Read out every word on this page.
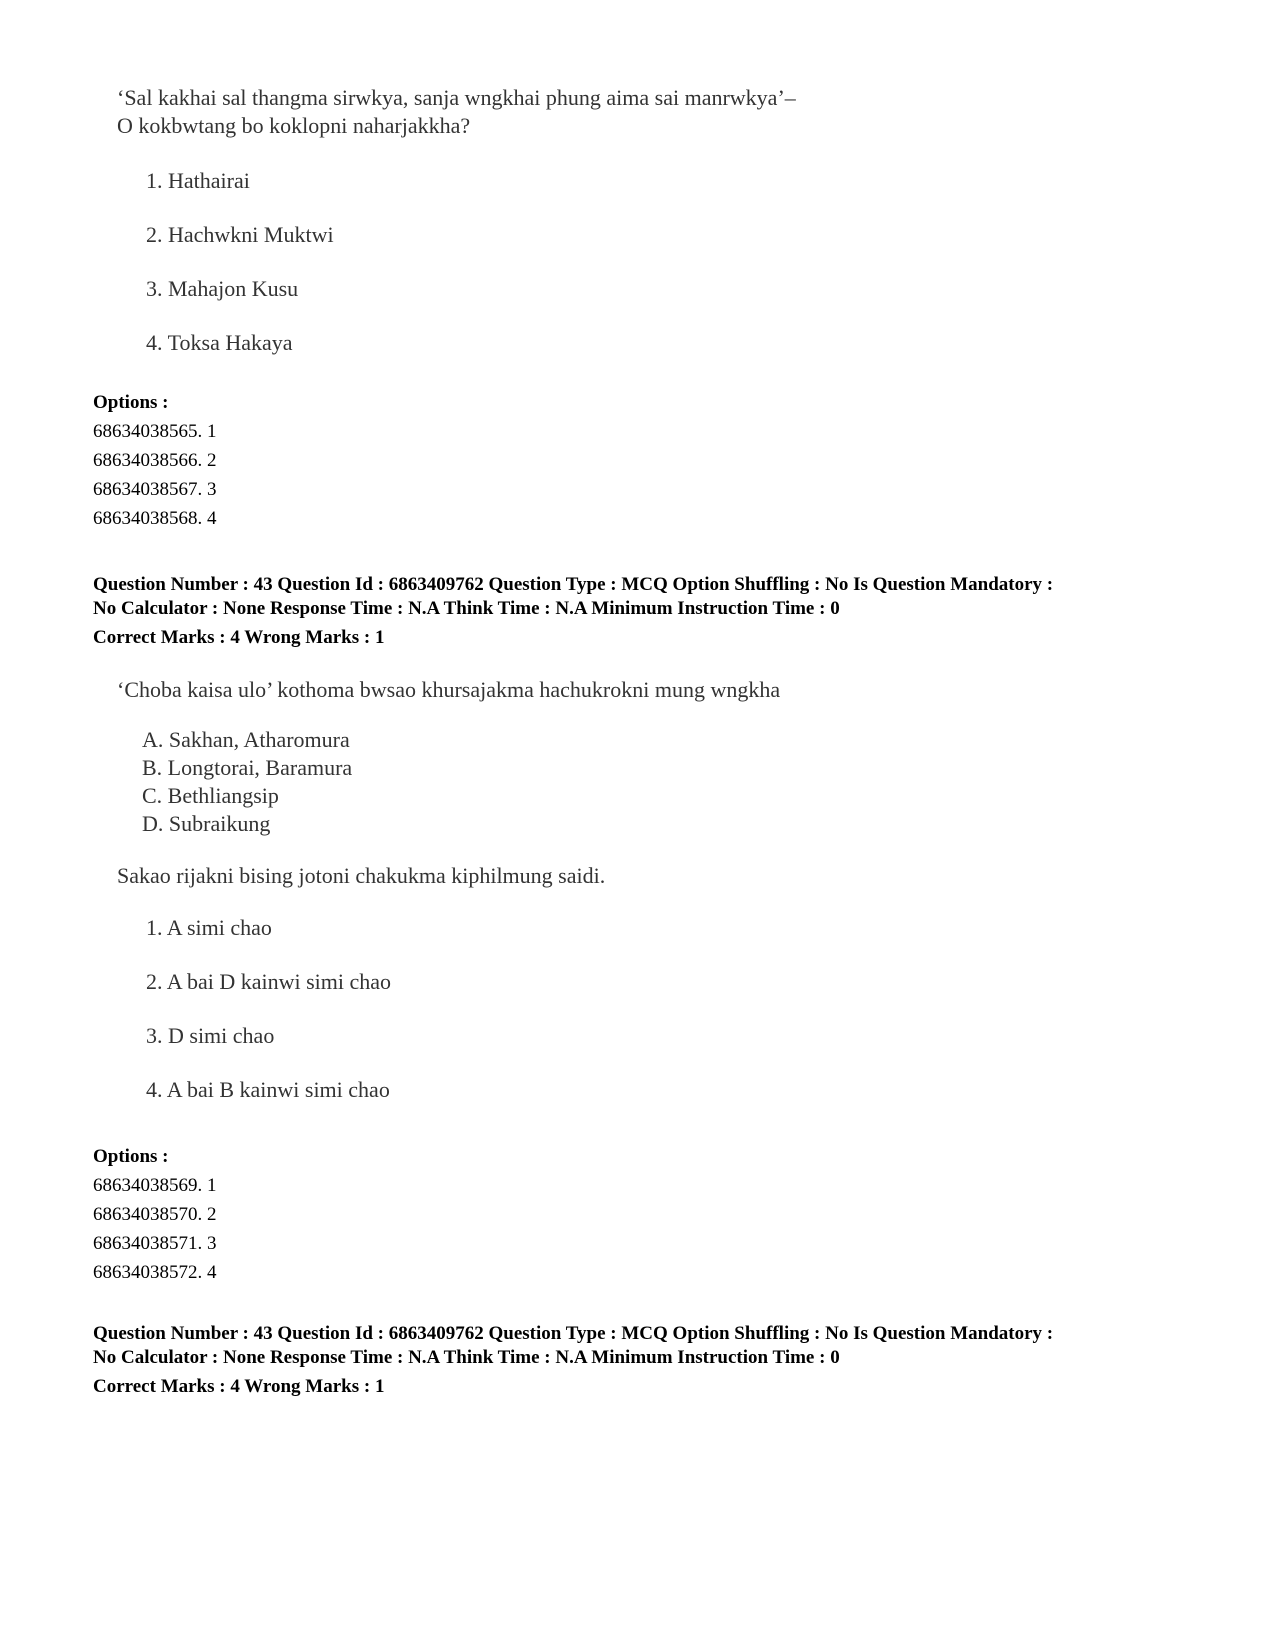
‘Sal kakhai sal thangma sirwkya, sanja wngkhai phung aima sai manrwkya’–
O kokbwtang bo koklopni naharjakkha?
1. Hathairai
2. Hachwkni Muktwi
3. Mahajon Kusu
4. Toksa Hakaya
Options :
68634038565. 1
68634038566. 2
68634038567. 3
68634038568. 4
Question Number : 43 Question Id : 6863409762 Question Type : MCQ Option Shuffling : No Is Question Mandatory :
No Calculator : None Response Time : N.A Think Time : N.A Minimum Instruction Time : 0
Correct Marks : 4 Wrong Marks : 1
‘Choba kaisa ulo’ kothoma bwsao khursajakma hachukrokni mung wngkha
A. Sakhan, Atharomura
B. Longtorai, Baramura
C. Bethliangsip
D. Subraikung
Sakao rijakni bising jotoni chakukma kiphilmung saidi.
1. A simi chao
2. A bai D kainwi simi chao
3. D simi chao
4. A bai B kainwi simi chao
Options :
68634038569. 1
68634038570. 2
68634038571. 3
68634038572. 4
Question Number : 43 Question Id : 6863409762 Question Type : MCQ Option Shuffling : No Is Question Mandatory :
No Calculator : None Response Time : N.A Think Time : N.A Minimum Instruction Time : 0
Correct Marks : 4 Wrong Marks : 1
